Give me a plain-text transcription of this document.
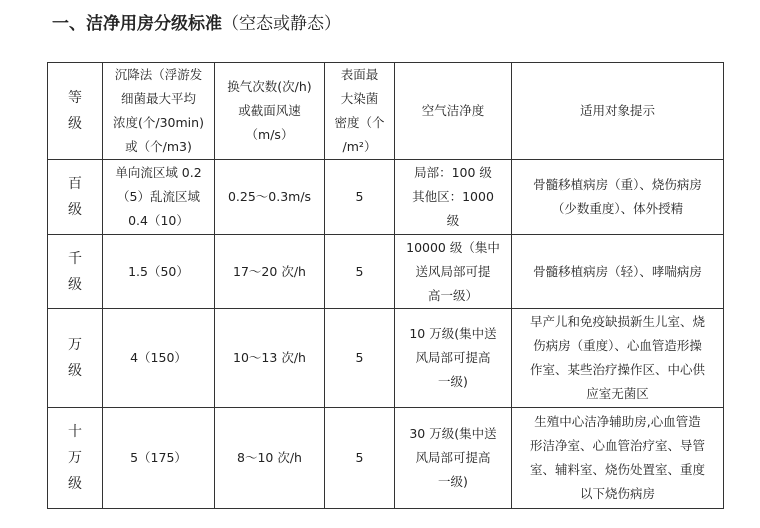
一、洁净用房分级标准（空态或静态）
等
级	沉降法（浮游发
细菌最大平均
浓度(个/30min)
或（个/m3)	换气次数(次/h)
或截面风速
（m/s）	表面最
大染菌
密度（个
/m²）	空气洁净度	适用对象提示

百
级	单向流区域 0.2
（5）乱流区域
0.4（10）	0.25～0.3m/s	5	局部：100 级
其他区：1000
级	骨髓移植病房（重）、烧伤病房
（少数重度）、体外授精

千
级	1.5（50）	17～20 次/h	5	10000 级（集中
送风局部可提
高一级）	骨髓移植病房（轻）、哮喘病房

万
级	4（150）	10～13 次/h	5	10 万级(集中送
风局部可提高
一级)	早产儿和免疫缺损新生儿室、烧
伤病房（重度）、心血管造形操
作室、某些治疗操作区、中心供
应室无菌区

十
万
级	5（175）	8～10 次/h	5	30 万级(集中送
风局部可提高
一级)	生殖中心洁净辅助房,心血管造
形洁净室、心血管治疗室、导管
室、辅料室、烧伤处置室、重度
以下烧伤病房
